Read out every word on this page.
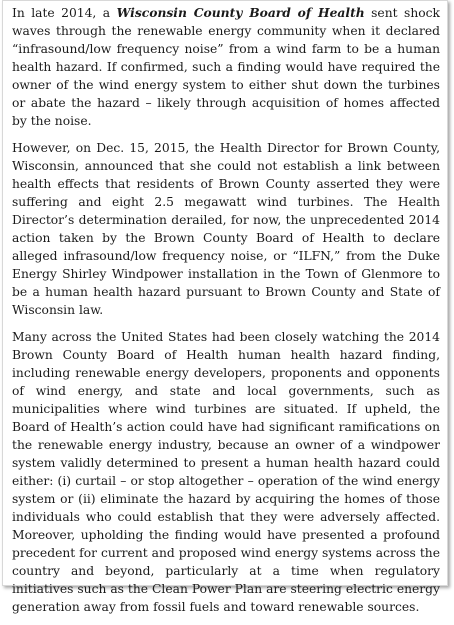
In late 2014, a Wisconsin County Board of Health sent shock waves through the renewable energy community when it declared “infrasound/low frequency noise” from a wind farm to be a human health hazard. If confirmed, such a finding would have required the owner of the wind energy system to either shut down the turbines or abate the hazard – likely through acquisition of homes affected by the noise.

However, on Dec. 15, 2015, the Health Director for Brown County, Wisconsin, announced that she could not establish a link between health effects that residents of Brown County asserted they were suffering and eight 2.5 megawatt wind turbines. The Health Director’s determination derailed, for now, the unprecedented 2014 action taken by the Brown County Board of Health to declare alleged infrasound/low frequency noise, or “ILFN,” from the Duke Energy Shirley Windpower installation in the Town of Glenmore to be a human health hazard pursuant to Brown County and State of Wisconsin law.

Many across the United States had been closely watching the 2014 Brown County Board of Health human health hazard finding, including renewable energy developers, proponents and opponents of wind energy, and state and local governments, such as municipalities where wind turbines are situated. If upheld, the Board of Health’s action could have had significant ramifications on the renewable energy industry, because an owner of a windpower system validly determined to present a human health hazard could either: (i) curtail – or stop altogether – operation of the wind energy system or (ii) eliminate the hazard by acquiring the homes of those individuals who could establish that they were adversely affected. Moreover, upholding the finding would have presented a profound precedent for current and proposed wind energy systems across the country and beyond, particularly at a time when regulatory initiatives such as the Clean Power Plan are steering electric energy generation away from fossil fuels and toward renewable sources.
